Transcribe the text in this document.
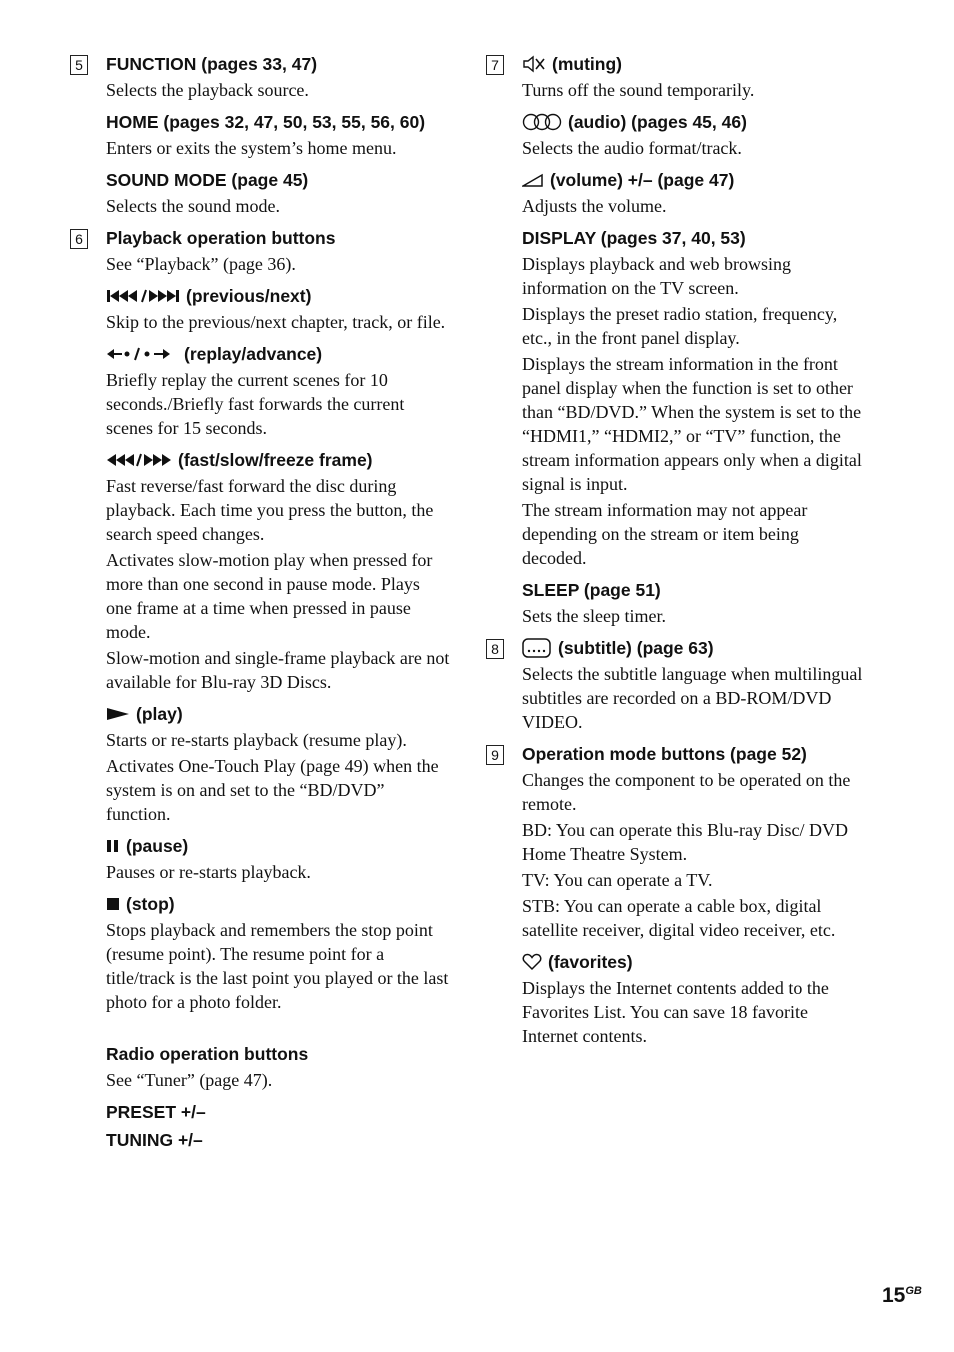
5 FUNCTION (pages 33, 47)
Selects the playback source.
HOME (pages 32, 47, 50, 53, 55, 56, 60)
Enters or exits the system’s home menu.
SOUND MODE (page 45)
Selects the sound mode.
6 Playback operation buttons
See “Playback” (page 36).
(previous/next)
Skip to the previous/next chapter, track, or file.
(replay/advance)
Briefly replay the current scenes for 10 seconds./Briefly fast forwards the current scenes for 15 seconds.
(fast/slow/freeze frame)
Fast reverse/fast forward the disc during playback. Each time you press the button, the search speed changes.
Activates slow-motion play when pressed for more than one second in pause mode. Plays one frame at a time when pressed in pause mode.
Slow-motion and single-frame playback are not available for Blu-ray 3D Discs.
(play)
Starts or re-starts playback (resume play).
Activates One-Touch Play (page 49) when the system is on and set to the “BD/DVD” function.
(pause)
Pauses or re-starts playback.
(stop)
Stops playback and remembers the stop point (resume point). The resume point for a title/track is the last point you played or the last photo for a photo folder.
Radio operation buttons
See “Tuner” (page 47).
PRESET +/–
TUNING +/–
7	(muting)
Turns off the sound temporarily.
(audio) (pages 45, 46)
Selects the audio format/track.
(volume) +/– (page 47)
Adjusts the volume.
DISPLAY (pages 37, 40, 53)
Displays playback and web browsing information on the TV screen.
Displays the preset radio station, frequency, etc., in the front panel display.
Displays the stream information in the front panel display when the function is set to other than “BD/DVD.” When the system is set to the “HDMI1,” “HDMI2,” or “TV” function, the stream information appears only when a digital signal is input.
The stream information may not appear depending on the stream or item being decoded.
SLEEP (page 51)
Sets the sleep timer.
8	(subtitle) (page 63)
Selects the subtitle language when multilingual subtitles are recorded on a BD-ROM/DVD VIDEO.
9 Operation mode buttons (page 52)
Changes the component to be operated on the remote.
BD: You can operate this Blu-ray Disc/ DVD Home Theatre System.
TV: You can operate a TV.
STB: You can operate a cable box, digital satellite receiver, digital video receiver, etc.
(favorites)
Displays the Internet contents added to the Favorites List. You can save 18 favorite Internet contents.
$15^{GB}$
